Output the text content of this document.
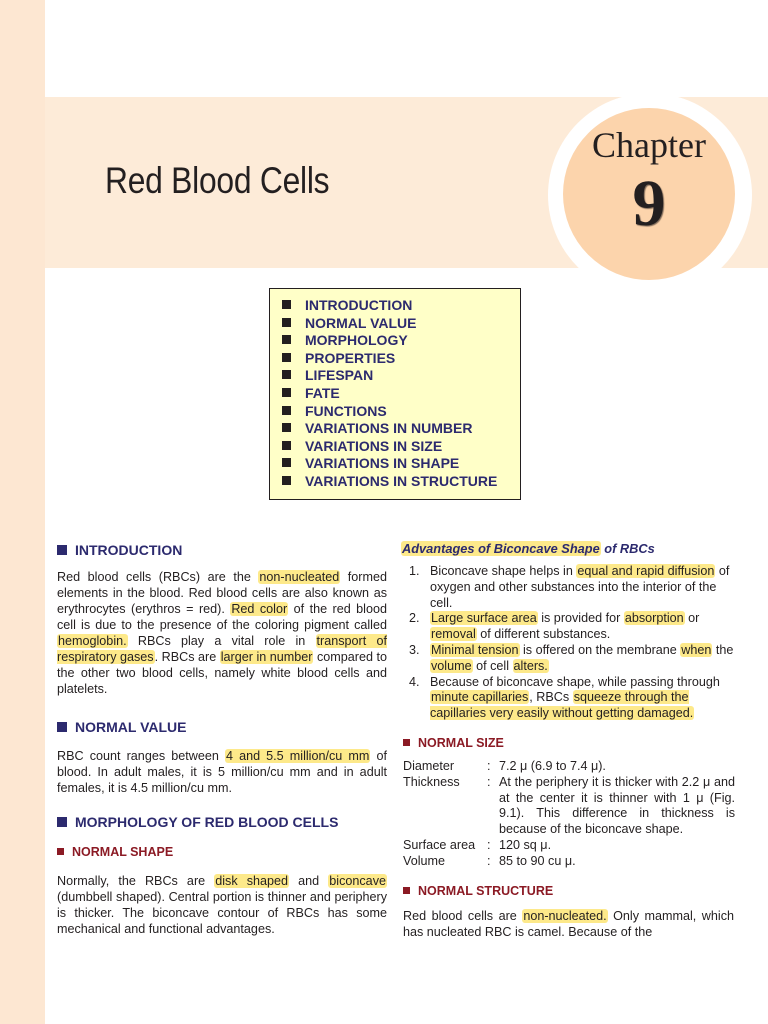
Red Blood Cells
Chapter
9
INTRODUCTION
NORMAL VALUE
MORPHOLOGY
PROPERTIES
LIFESPAN
FATE
FUNCTIONS
VARIATIONS IN NUMBER
VARIATIONS IN SIZE
VARIATIONS IN SHAPE
VARIATIONS IN STRUCTURE
INTRODUCTION

Red blood cells (RBCs) are the non-nucleated formed elements in the blood. Red blood cells are also known as erythrocytes (erythros = red). Red color of the red blood cell is due to the presence of the coloring pigment called hemoglobin. RBCs play a vital role in transport of respiratory gases. RBCs are larger in number compared to the other two blood cells, namely white blood cells and platelets.

NORMAL VALUE

RBC count ranges between 4 and 5.5 million/cu mm of blood. In adult males, it is 5 million/cu mm and in adult females, it is 4.5 million/cu mm.

MORPHOLOGY OF RED BLOOD CELLS
NORMAL SHAPE

Normally, the RBCs are disk shaped and biconcave (dumbbell shaped). Central portion is thinner and periphery is thicker. The biconcave contour of RBCs has some mechanical and functional advantages.

Advantages of Biconcave Shape of RBCs
1. Biconcave shape helps in equal and rapid diffusion of oxygen and other substances into the interior of the cell.
2. Large surface area is provided for absorption or removal of different substances.
3. Minimal tension is offered on the membrane when the volume of cell alters.
4. Because of biconcave shape, while passing through minute capillaries, RBCs squeeze through the capillaries very easily without getting damaged.
NORMAL SIZE
Diameter	:	7.2 μ (6.9 to 7.4 μ).
Thickness	:	At the periphery it is thicker with 2.2 μ and at the center it is thinner with 1 μ (Fig. 9.1). This difference in thickness is because of the biconcave shape.
Surface area	:	120 sq μ.
Volume	:	85 to 90 cu μ.
NORMAL STRUCTURE

Red blood cells are non-nucleated. Only mammal, which has nucleated RBC is camel. Because of the
